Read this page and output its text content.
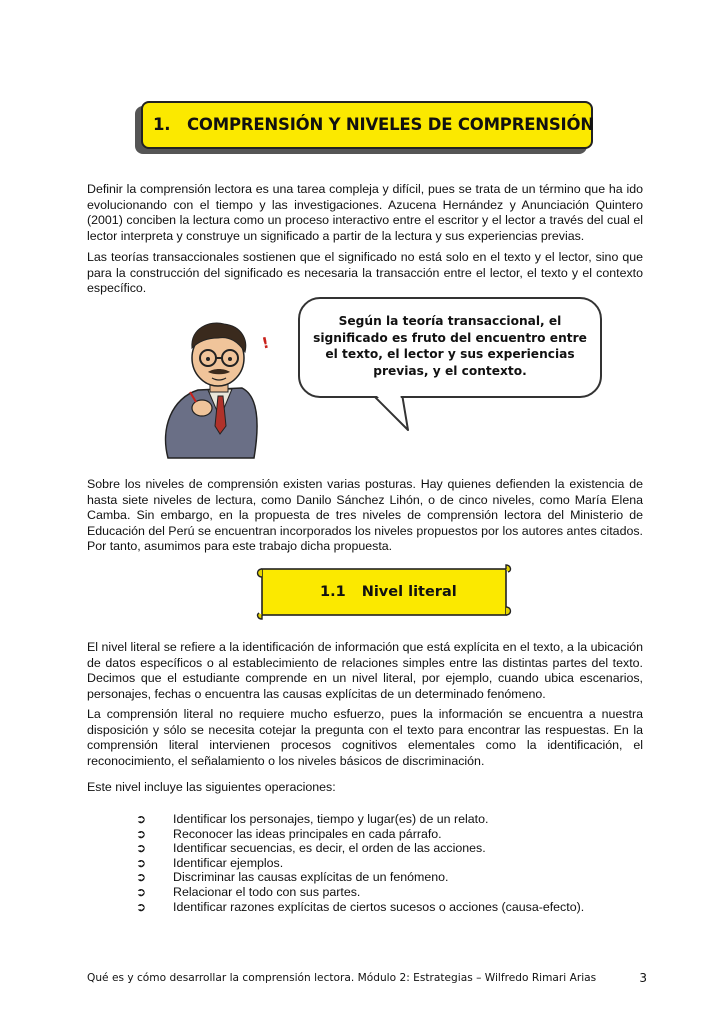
1. COMPRENSIÓN Y NIVELES DE COMPRENSIÓN

Definir la comprensión lectora es una tarea compleja y difícil, pues se trata de un término que ha ido evolucionando con el tiempo y las investigaciones. Azucena Hernández y Anunciación Quintero (2001) conciben la lectura como un proceso interactivo entre el escritor y el lector a través del cual el lector interpreta y construye un significado a partir de la lectura y sus experiencias previas.

Las teorías transaccionales sostienen que el significado no está solo en el texto y el lector, sino que para la construcción del significado es necesaria la transacción entre el lector, el texto y el contexto específico.

!
Según la teoría transaccional, el significado es fruto del encuentro entre el texto, el lector y sus experiencias previas, y el contexto.

Sobre los niveles de comprensión existen varias posturas. Hay quienes defienden la existencia de hasta siete niveles de lectura, como Danilo Sánchez Lihón, o de cinco niveles, como María Elena Camba. Sin embargo, en la propuesta de tres niveles de comprensión lectora del Ministerio de Educación del Perú se encuentran incorporados los niveles propuestos por los autores antes citados. Por tanto, asumimos para este trabajo dicha propuesta.

1.1 Nivel literal

El nivel literal se refiere a la identificación de información que está explícita en el texto, a la ubicación de datos específicos o al establecimiento de relaciones simples entre las distintas partes del texto. Decimos que el estudiante comprende en un nivel literal, por ejemplo, cuando ubica escenarios, personajes, fechas o encuentra las causas explícitas de un determinado fenómeno.

La comprensión literal no requiere mucho esfuerzo, pues la información se encuentra a nuestra disposición y sólo se necesita cotejar la pregunta con el texto para encontrar las respuestas. En la comprensión literal intervienen procesos cognitivos elementales como la identificación, el reconocimiento, el señalamiento o los niveles básicos de discriminación.

Este nivel incluye las siguientes operaciones:

➲	Identificar los personajes, tiempo y lugar(es) de un relato.
➲	Reconocer las ideas principales en cada párrafo.
➲	Identificar secuencias, es decir, el orden de las acciones.
➲	Identificar ejemplos.
➲	Discriminar las causas explícitas de un fenómeno.
➲	Relacionar el todo con sus partes.
➲	Identificar razones explícitas de ciertos sucesos o acciones (causa-efecto).
Qué es y cómo desarrollar la comprensión lectora. Módulo 2: Estrategias – Wilfredo Rimari Arias	3
